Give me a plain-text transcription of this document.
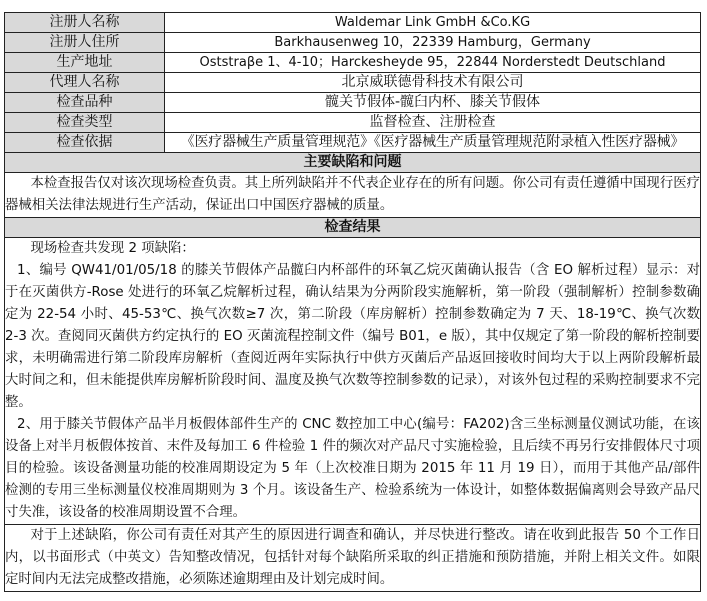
注册人名称	Waldemar Link GmbH &Co.KG
注册人住所	Barkhausenweg 10，22339 Hamburg，Germany
生产地址	Oststraβe 1、4-10；Harckesheyde 95，22844 Norderstedt Deutschland
代理人名称	北京威联德骨科技术有限公司
检查品种	髋关节假体-髋臼内杯、膝关节假体
检查类型	监督检查、注册检查
检查依据	《医疗器械生产质量管理规范》《医疗器械生产质量管理规范附录植入性医疗器械》
主要缺陷和问题	

本检查报告仅对该次现场检查负责。其上所列缺陷并不代表企业存在的所有问题。你公司有责任遵循中国现行医疗器械相关法律法规进行生产活动，保证出口中国医疗器械的质量。	

检查结果	

现场检查共发现 2 项缺陷：

1、编号 QW41/01/05/18 的膝关节假体产品髋臼内杯部件的环氧乙烷灭菌确认报告（含 EO 解析过程）显示：对于在灭菌供方-Rose 处进行的环氧乙烷解析过程，确认结果为分两阶段实施解析，第一阶段（强制解析）控制参数确定为 22-54 小时、45-53℃、换气次数≥7 次，第二阶段（库房解析）控制参数确定为 7 天、18-19℃、换气次数 2-3 次。查阅同灭菌供方约定执行的 EO 灭菌流程控制文件（编号 B01，e 版），其中仅规定了第一阶段的解析控制要求，未明确需进行第二阶段库房解析（查阅近两年实际执行中供方灭菌后产品返回接收时间均大于以上两阶段解析最大时间之和，但未能提供库房解析阶段时间、温度及换气次数等控制参数的记录），对该外包过程的采购控制要求不完整。

2、用于膝关节假体产品半月板假体部件生产的 CNC 数控加工中心(编号：FA202)含三坐标测量仪测试功能，在该设备上对半月板假体按首、末件及每加工 6 件检验 1 件的频次对产品尺寸实施检验，且后续不再另行安排假体尺寸项目的检验。该设备测量功能的校准周期设定为 5 年（上次校准日期为 2015 年 11 月 19 日），而用于其他产品/部件检测的专用三坐标测量仪校准周期则为 3 个月。该设备生产、检验系统为一体设计，如整体数据偏离则会导致产品尺寸失准，该设备的校准周期设置不合理。	

对于上述缺陷，你公司有责任对其产生的原因进行调查和确认，并尽快进行整改。请在收到此报告 50 个工作日内，以书面形式（中英文）告知整改情况，包括针对每个缺陷所采取的纠正措施和预防措施，并附上相关文件。如限定时间内无法完成整改措施，必须陈述逾期理由及计划完成时间。	
